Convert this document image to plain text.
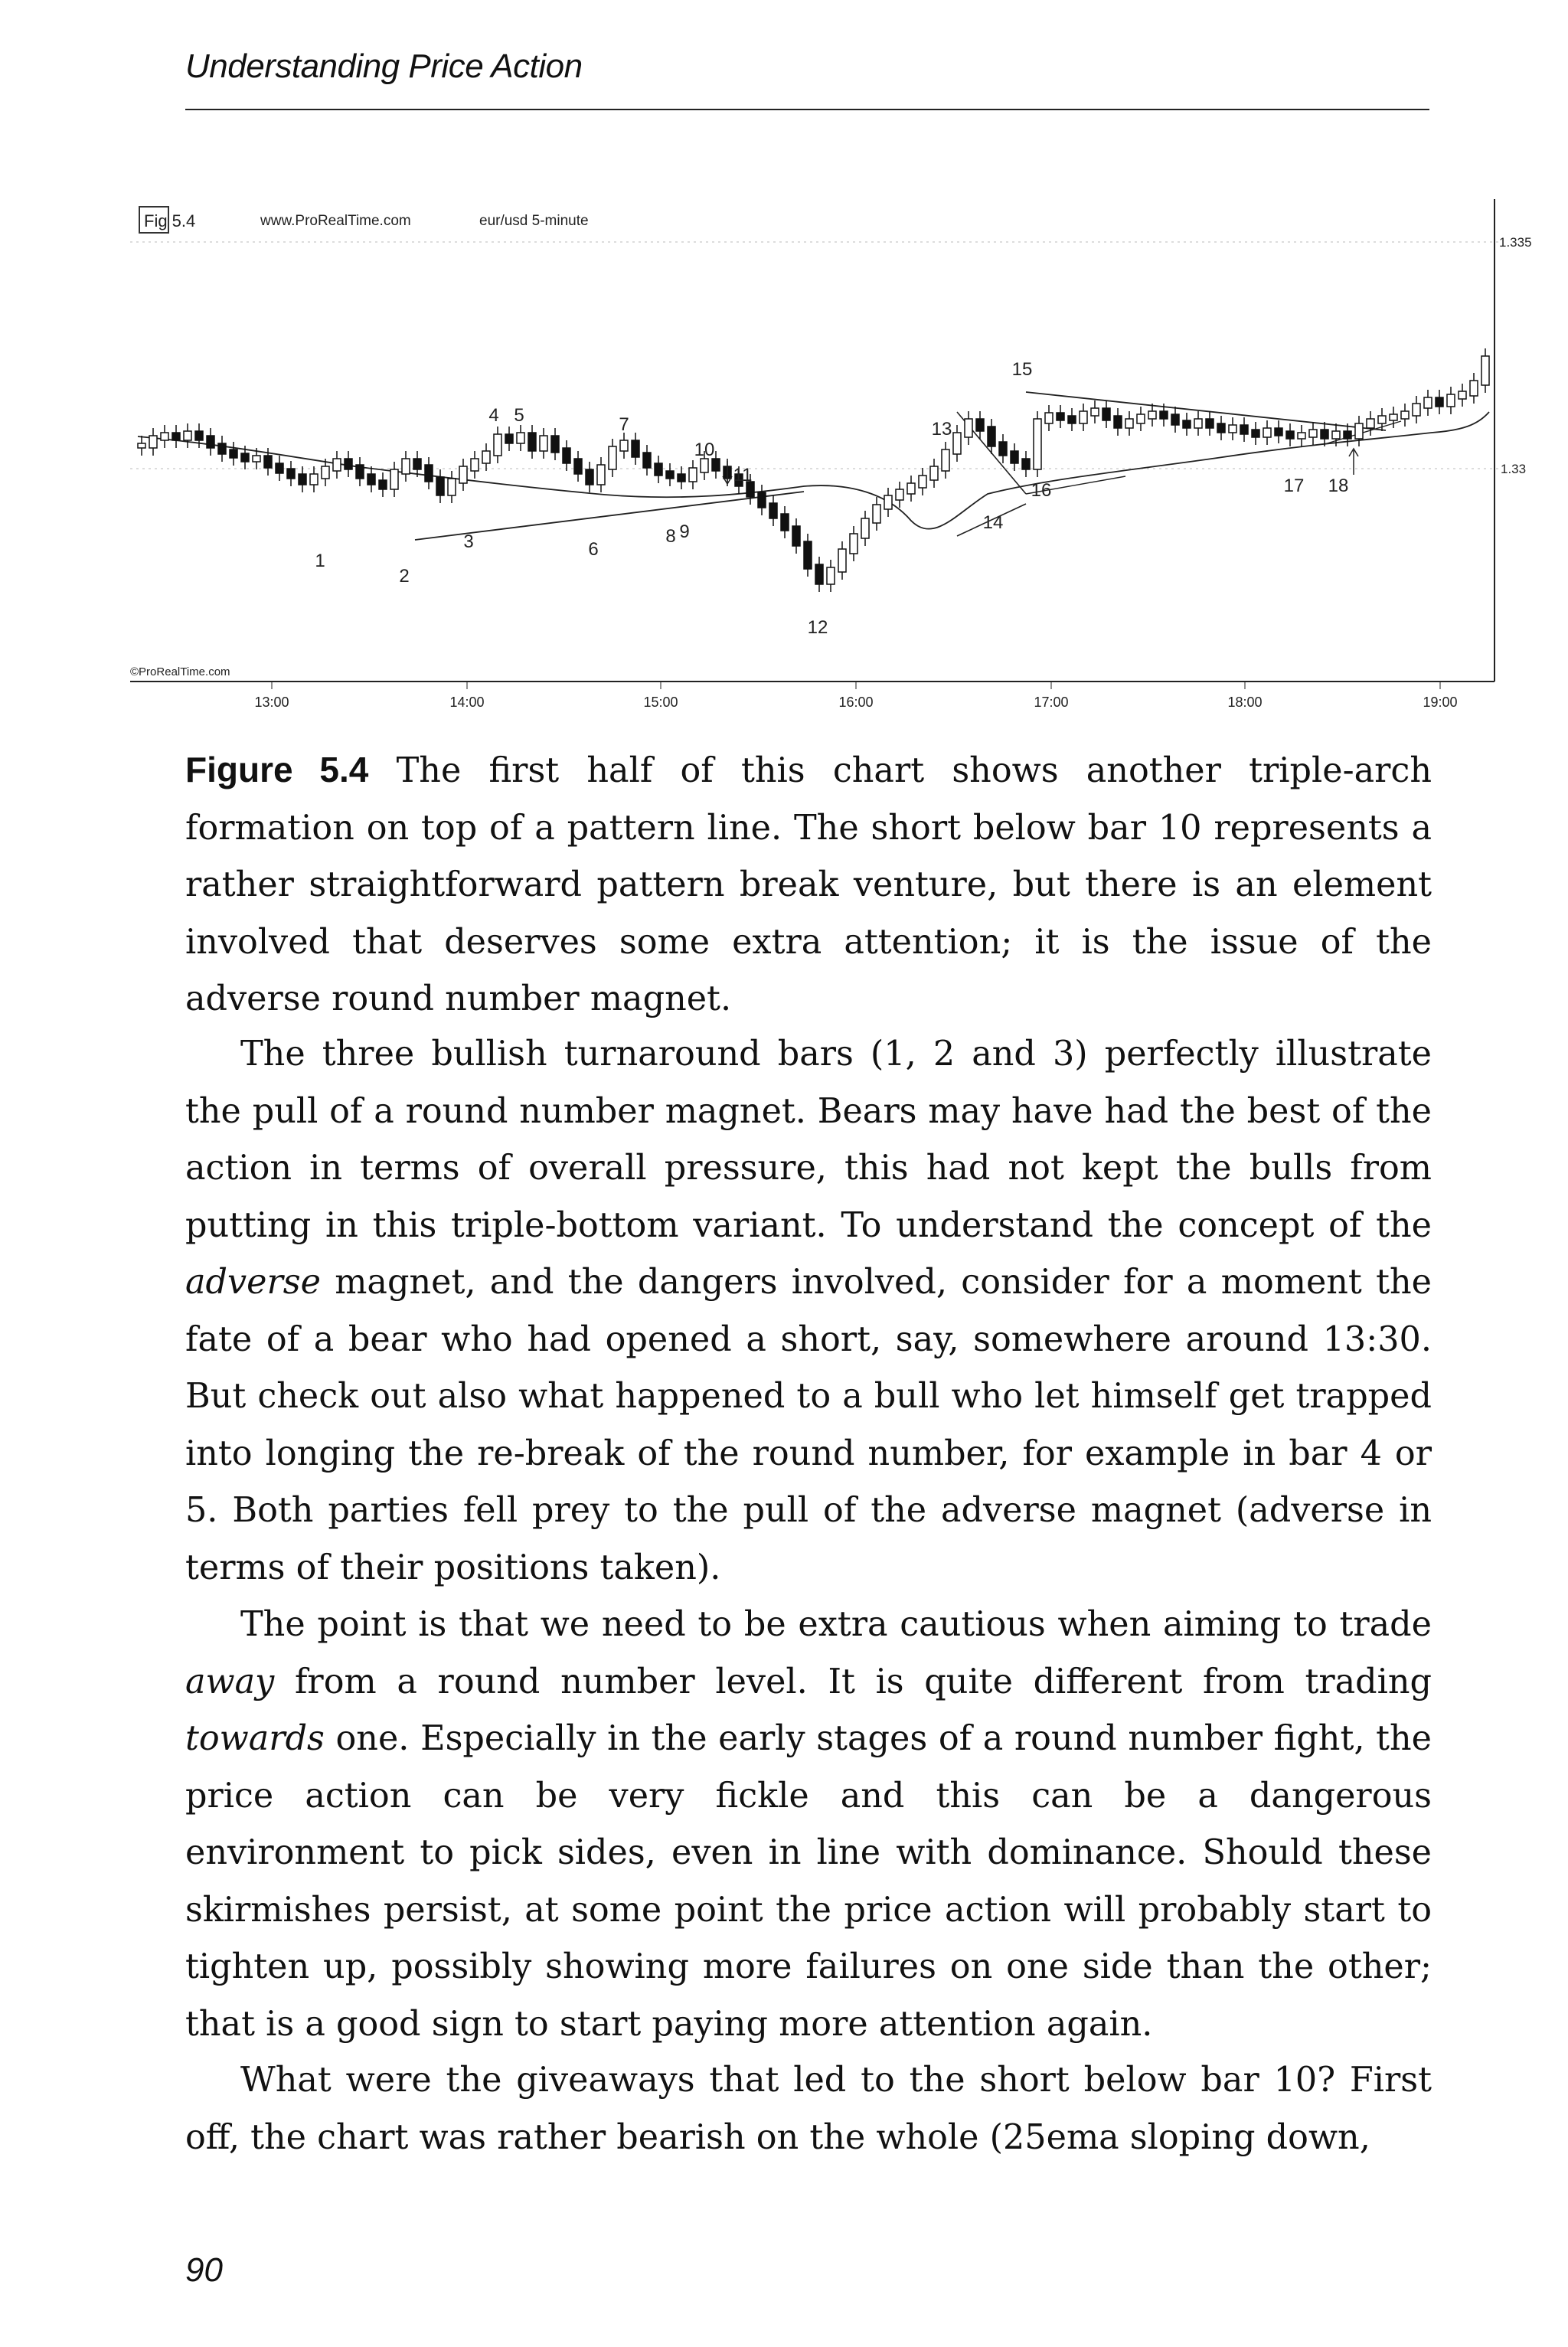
Understanding Price Action
Fig 5.4	www.ProRealTime.com	eur/usd 5-minute
1.335
1.33
©ProRealTime.com
13:00	14:00	15:00	16:00	17:00	18:00	19:00
1
2
3
4 5
6
7
8 9
10
11
12
13
14
15
16	17 18
Figure 5.4 The first half of this chart shows another triple-arch formation on top of a pattern line. The short below bar 10 represents a rather straightforward pattern break venture, but there is an element involved that deserves some extra attention; it is the issue of the adverse round number magnet.
The three bullish turnaround bars (1, 2 and 3) perfectly illustrate the pull of a round number magnet. Bears may have had the best of the action in terms of overall pressure, this had not kept the bulls from putting in this triple-bottom variant. To understand the concept of the adverse magnet, and the dangers involved, consider for a moment the fate of a bear who had opened a short, say, somewhere around 13:30. But check out also what happened to a bull who let himself get trapped into longing the re-break of the round number, for example in bar 4 or 5. Both parties fell prey to the pull of the adverse magnet (adverse in terms of their positions taken).
The point is that we need to be extra cautious when aiming to trade away from a round number level. It is quite different from trading towards one. Especially in the early stages of a round number fight, the price action can be very fickle and this can be a dangerous environment to pick sides, even in line with dominance. Should these skirmishes persist, at some point the price action will probably start to tighten up, possibly showing more failures on one side than the other; that is a good sign to start paying more attention again.
What were the giveaways that led to the short below bar 10? First off, the chart was rather bearish on the whole (25ema sloping down,
90
